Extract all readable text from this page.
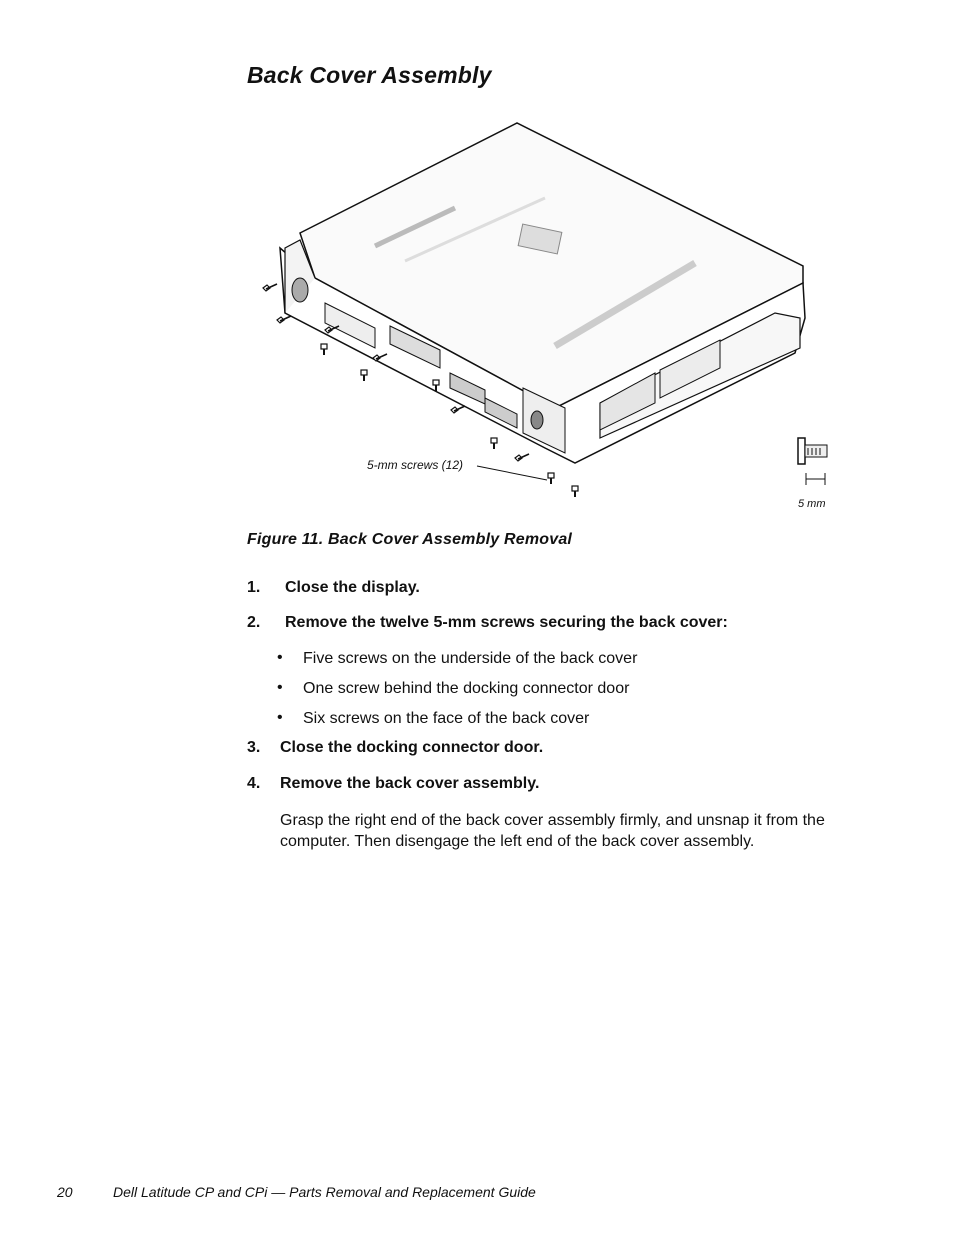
Back Cover Assembly
5-mm screws (12)
5 mm
Figure 11. Back Cover Assembly Removal
1. Close the display.
2. Remove the twelve 5-mm screws securing the back cover:
• Five screws on the underside of the back cover
• One screw behind the docking connector door
• Six screws on the face of the back cover
3. Close the docking connector door.
4. Remove the back cover assembly.
Grasp the right end of the back cover assembly firmly, and unsnap it from the computer. Then disengage the left end of the back cover assembly.
20	Dell Latitude CP and CPi — Parts Removal and Replacement Guide
